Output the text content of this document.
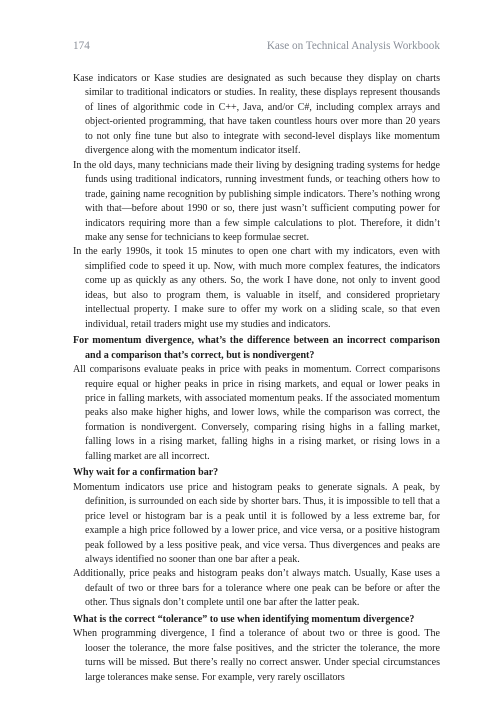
174	Kase on Technical Analysis Workbook

Kase indicators or Kase studies are designated as such because they display on charts similar to traditional indicators or studies. In reality, these displays represent thousands of lines of algorithmic code in C++, Java, and/or C#, including complex arrays and object-oriented programming, that have taken countless hours over more than 20 years to not only fine tune but also to integrate with second-level displays like momentum divergence along with the momentum indicator itself.

In the old days, many technicians made their living by designing trading systems for hedge funds using traditional indicators, running investment funds, or teaching others how to trade, gaining name recognition by publishing simple indicators. There’s nothing wrong with that—before about 1990 or so, there just wasn’t sufficient computing power for indicators requiring more than a few simple calculations to plot. Therefore, it didn’t make any sense for technicians to keep formulae secret.

In the early 1990s, it took 15 minutes to open one chart with my indicators, even with simplified code to speed it up. Now, with much more complex features, the indicators come up as quickly as any others. So, the work I have done, not only to invent good ideas, but also to program them, is valuable in itself, and considered proprietary intellectual property. I make sure to offer my work on a sliding scale, so that even individual, retail traders might use my studies and indicators.

For momentum divergence, what’s the difference between an incorrect comparison and a comparison that’s correct, but is nondivergent?

All comparisons evaluate peaks in price with peaks in momentum. Correct comparisons require equal or higher peaks in price in rising markets, and equal or lower peaks in price in falling markets, with associated momentum peaks. If the associated momentum peaks also make higher highs, and lower lows, while the comparison was correct, the formation is nondivergent. Conversely, comparing rising highs in a falling market, falling lows in a rising market, falling highs in a rising market, or rising lows in a falling market are all incorrect.

Why wait for a confirmation bar?

Momentum indicators use price and histogram peaks to generate signals. A peak, by definition, is surrounded on each side by shorter bars. Thus, it is impossible to tell that a price level or histogram bar is a peak until it is followed by a less extreme bar, for example a high price followed by a lower price, and vice versa, or a positive histogram peak followed by a less positive peak, and vice versa. Thus divergences and peaks are always identified no sooner than one bar after a peak.

Additionally, price peaks and histogram peaks don’t always match. Usually, Kase uses a default of two or three bars for a tolerance where one peak can be before or after the other. Thus signals don’t complete until one bar after the latter peak.

What is the correct “tolerance” to use when identifying momentum divergence?

When programming divergence, I find a tolerance of about two or three is good. The looser the tolerance, the more false positives, and the stricter the tolerance, the more turns will be missed. But there’s really no correct answer. Under special circumstances large tolerances make sense. For example, very rarely oscillators
